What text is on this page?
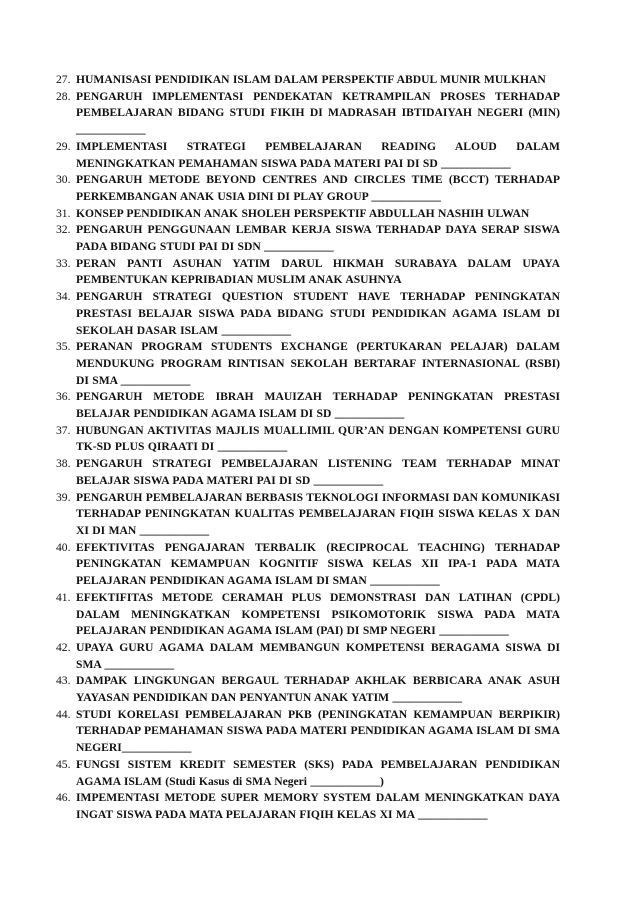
27. HUMANISASI PENDIDIKAN ISLAM DALAM PERSPEKTIF ABDUL MUNIR MULKHAN
28. PENGARUH IMPLEMENTASI PENDEKATAN KETRAMPILAN PROSES TERHADAP PEMBELAJARAN BIDANG STUDI FIKIH DI MADRASAH IBTIDAIYAH NEGERI (MIN) ____________
29. IMPLEMENTASI STRATEGI PEMBELAJARAN READING ALOUD DALAM MENINGKATKAN PEMAHAMAN SISWA PADA MATERI PAI DI SD ____________
30. PENGARUH METODE BEYOND CENTRES AND CIRCLES TIME (BCCT) TERHADAP PERKEMBANGAN ANAK USIA DINI DI PLAY GROUP ____________
31. KONSEP PENDIDIKAN ANAK SHOLEH PERSPEKTIF ABDULLAH NASHIH ULWAN
32. PENGARUH PENGGUNAAN LEMBAR KERJA SISWA TERHADAP DAYA SERAP SISWA PADA BIDANG STUDI PAI DI SDN ____________
33. PERAN PANTI ASUHAN YATIM DARUL HIKMAH SURABAYA DALAM UPAYA PEMBENTUKAN KEPRIBADIAN MUSLIM ANAK ASUHNYA
34. PENGARUH STRATEGI QUESTION STUDENT HAVE TERHADAP PENINGKATAN PRESTASI BELAJAR SISWA PADA BIDANG STUDI PENDIDIKAN AGAMA ISLAM DI SEKOLAH DASAR ISLAM ____________
35. PERANAN PROGRAM STUDENTS EXCHANGE (PERTUKARAN PELAJAR) DALAM MENDUKUNG PROGRAM RINTISAN SEKOLAH BERTARAF INTERNASIONAL (RSBI) DI SMA ____________
36. PENGARUH METODE IBRAH MAUIZAH TERHADAP PENINGKATAN PRESTASI BELAJAR PENDIDIKAN AGAMA ISLAM DI SD ____________
37. HUBUNGAN AKTIVITAS MAJLIS MUALLIMIL QUR’AN DENGAN KOMPETENSI GURU TK-SD PLUS QIRAATI DI ____________
38. PENGARUH STRATEGI PEMBELAJARAN LISTENING TEAM TERHADAP MINAT BELAJAR SISWA PADA MATERI PAI DI SD ____________
39. PENGARUH PEMBELAJARAN BERBASIS TEKNOLOGI INFORMASI DAN KOMUNIKASI TERHADAP PENINGKATAN KUALITAS PEMBELAJARAN FIQIH SISWA KELAS X DAN XI DI MAN ____________
40. EFEKTIVITAS PENGAJARAN TERBALIK (RECIPROCAL TEACHING) TERHADAP PENINGKATAN KEMAMPUAN KOGNITIF SISWA KELAS XII IPA-1 PADA MATA PELAJARAN PENDIDIKAN AGAMA ISLAM DI SMAN ____________
41. EFEKTIFITAS METODE CERAMAH PLUS DEMONSTRASI DAN LATIHAN (CPDL) DALAM MENINGKATKAN KOMPETENSI PSIKOMOTORIK SISWA PADA MATA PELAJARAN PENDIDIKAN AGAMA ISLAM (PAI) DI SMP NEGERI ____________
42. UPAYA GURU AGAMA DALAM MEMBANGUN KOMPETENSI BERAGAMA SISWA DI SMA ____________
43. DAMPAK LINGKUNGAN BERGAUL TERHADAP AKHLAK BERBICARA ANAK ASUH YAYASAN PENDIDIKAN DAN PENYANTUN ANAK YATIM ____________
44. STUDI KORELASI PEMBELAJARAN PKB (PENINGKATAN KEMAMPUAN BERPIKIR) TERHADAP PEMAHAMAN SISWA PADA MATERI PENDIDIKAN AGAMA ISLAM DI SMA NEGERI____________
45. FUNGSI SISTEM KREDIT SEMESTER (SKS) PADA PEMBELAJARAN PENDIDIKAN AGAMA ISLAM (Studi Kasus di SMA Negeri ____________)
46. IMPEMENTASI METODE SUPER MEMORY SYSTEM DALAM MENINGKATKAN DAYA INGAT SISWA PADA MATA PELAJARAN FIQIH KELAS XI MA ____________
